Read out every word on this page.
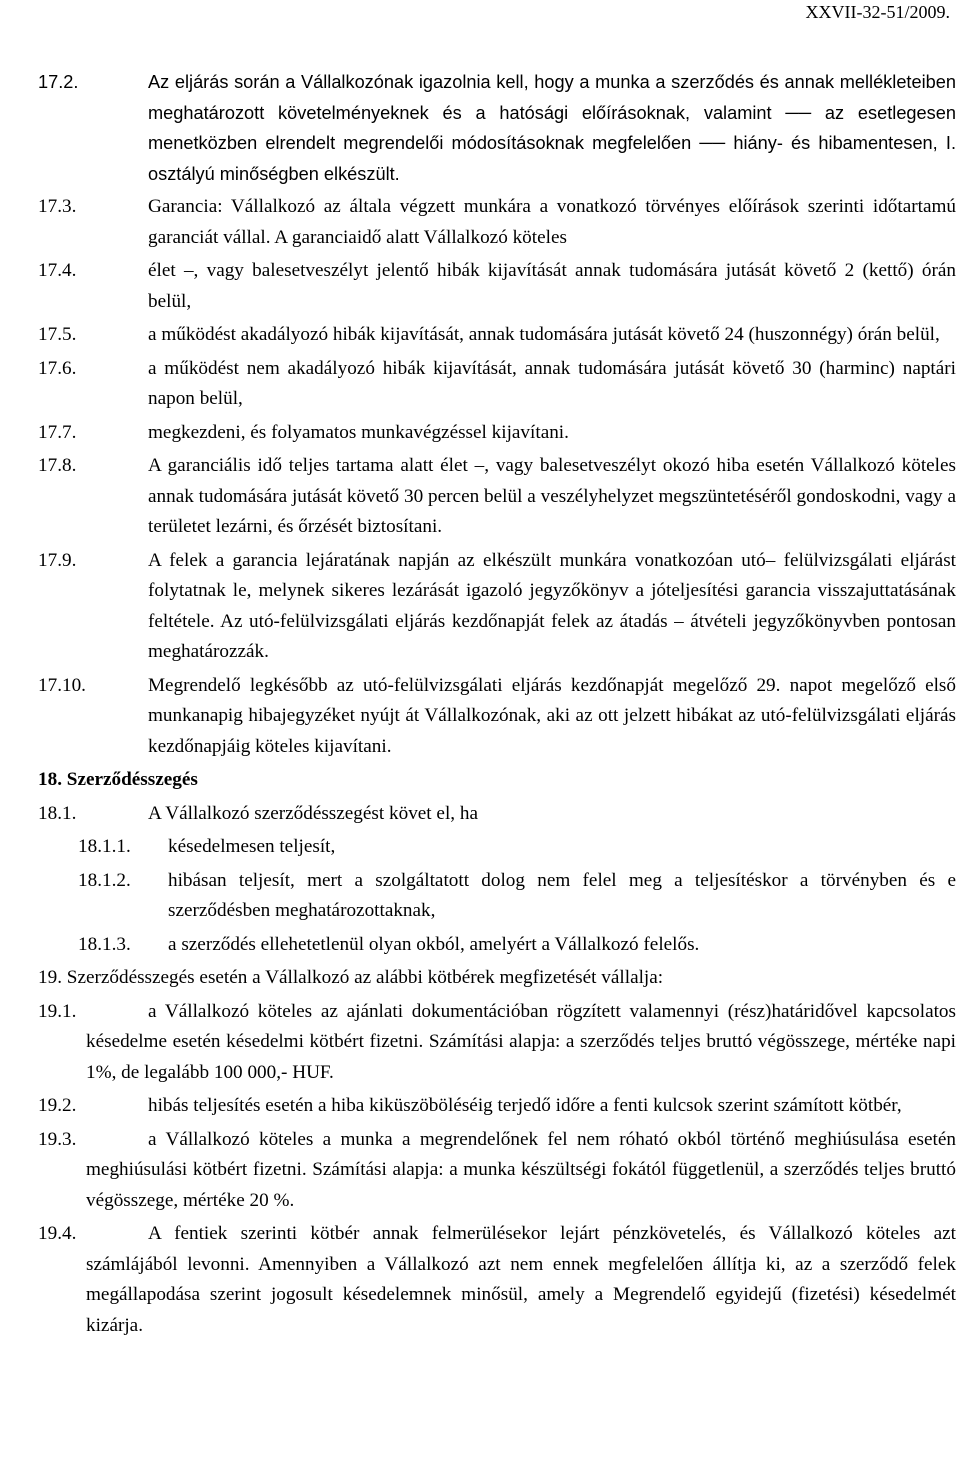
XXVII-32-51/2009.
17.2.	Az eljárás során a Vállalkozónak igazolnia kell, hogy a munka a szerződés és annak mellékleteiben meghatározott követelményeknek és a hatósági előírásoknak, valamint ── az esetlegesen menetközben elrendelt megrendelői módosításoknak megfelelően ── hiány- és hibamentesen, I. osztályú minőségben elkészült.
17.3.	Garancia: Vállalkozó az általa végzett munkára a vonatkozó törvényes előírások szerinti időtartamú garanciát vállal. A garanciaidő alatt Vállalkozó köteles
17.4.	élet –, vagy balesetveszélyt jelentő hibák kijavítását annak tudomására jutását követő 2 (kettő) órán belül,
17.5.	a működést akadályozó hibák kijavítását, annak tudomására jutását követő 24 (huszonnégy) órán belül,
17.6.	a működést nem akadályozó hibák kijavítását, annak tudomására jutását követő 30 (harminc) naptári napon belül,
17.7.	megkezdeni, és folyamatos munkavégzéssel kijavítani.
17.8.	A garanciális idő teljes tartama alatt élet –, vagy balesetveszélyt okozó hiba esetén Vállalkozó köteles annak tudomására jutását követő 30 percen belül a veszélyhelyzet megszüntetéséről gondoskodni, vagy a területet lezárni, és őrzését biztosítani.
17.9.	A felek a garancia lejáratának napján az elkészült munkára vonatkozóan utó– felülvizsgálati eljárást folytatnak le, melynek sikeres lezárását igazoló jegyzőkönyv a jóteljesítési garancia visszajuttatásának feltétele. Az utó-felülvizsgálati eljárás kezdőnapját felek az átadás – átvételi jegyzőkönyvben pontosan meghatározzák.
17.10.	Megrendelő legkésőbb az utó-felülvizsgálati eljárás kezdőnapját megelőző 29. napot megelőző első munkanapig hibajegyzéket nyújt át Vállalkozónak, aki az ott jelzett hibákat az utó-felülvizsgálati eljárás kezdőnapjáig köteles kijavítani.
18. Szerződésszegés
18.1.	A Vállalkozó szerződésszegést követ el, ha
18.1.1. késedelmesen teljesít,
18.1.2. hibásan teljesít, mert a szolgáltatott dolog nem felel meg a teljesítéskor a törvényben és e szerződésben meghatározottaknak,
18.1.3. a szerződés ellehetetlenül olyan okból, amelyért a Vállalkozó felelős.
19. Szerződésszegés esetén a Vállalkozó az alábbi kötbérek megfizetését vállalja:
19.1.	a Vállalkozó köteles az ajánlati dokumentációban rögzített valamennyi (rész)határidővel kapcsolatos késedelme esetén késedelmi kötbért fizetni. Számítási alapja: a szerződés teljes bruttó végösszege, mértéke napi 1%, de legalább 100 000,- HUF.
19.2.	hibás teljesítés esetén a hiba kiküszöböléséig terjedő időre a fenti kulcsok szerint számított kötbér,
19.3.	a Vállalkozó köteles a munka a megrendelőnek fel nem róható okból történő meghiúsulása esetén meghiúsulási kötbért fizetni. Számítási alapja: a munka készültségi fokától függetlenül, a szerződés teljes bruttó végösszege, mértéke 20 %.
19.4.	A fentiek szerinti kötbér annak felmerülésekor lejárt pénzkövetelés, és Vállalkozó köteles azt számlájából levonni. Amennyiben a Vállalkozó azt nem ennek megfelelően állítja ki, az a szerződő felek megállapodása szerint jogosult késedelemnek minősül, amely a Megrendelő egyidejű (fizetési) késedelmét kizárja.
